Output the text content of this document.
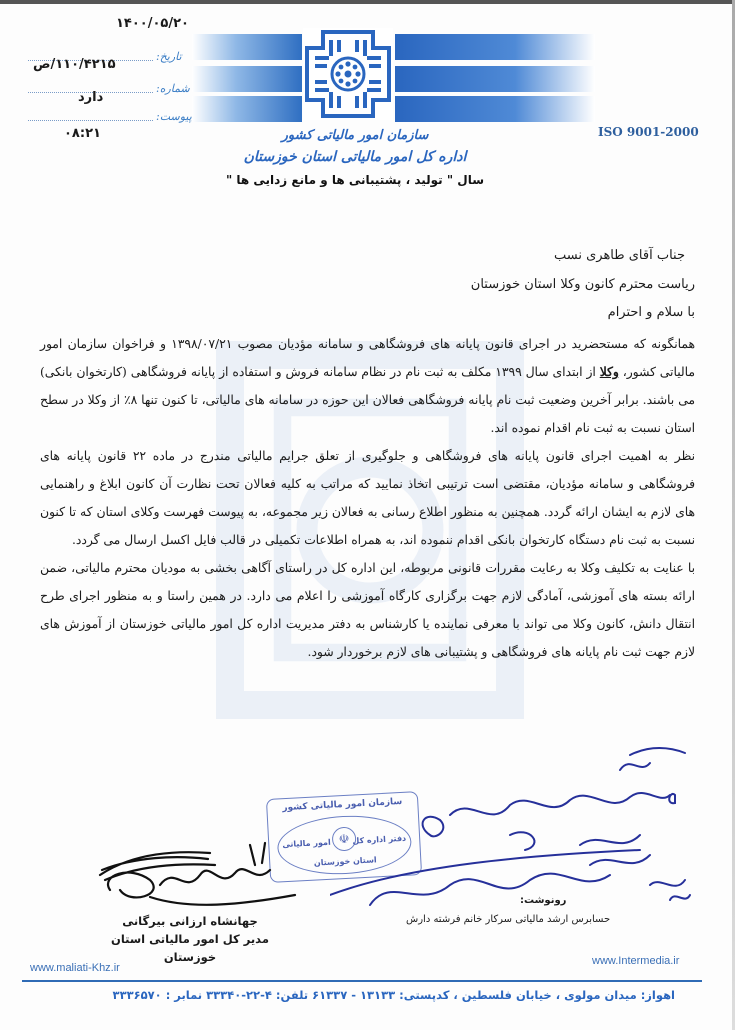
۱۴۰۰/۰۵/۲۰
تاریخ:
۱۱۰/۴۲۱۵/ص
شماره:
دارد
پیوست:
۰۸:۲۱	سازمان امور مالیاتی کشور
اداره کل امور مالیاتی استان خوزستان
سال " تولید ، پشتیبانی ها و مانع زدایی ها "
ISO 9001-2000
جناب آقای طاهری نسب
ریاست محترم کانون وکلا استان خوزستان
با سلام و احترام

همانگونه که مستحضرید در اجرای قانون پایانه های فروشگاهی و سامانه مؤدیان مصوب ۱۳۹۸/۰۷/۲۱ و فراخوان سازمان امور مالیاتی کشور، وکلا از ابتدای سال ۱۳۹۹ مکلف به ثبت نام در نظام سامانه فروش و استفاده از پایانه فروشگاهی (کارتخوان بانکی) می باشند. برابر آخرین وضعیت ثبت نام پایانه فروشگاهی فعالان این حوزه در سامانه های مالیاتی، تا کنون تنها ۸٪ از وکلا در سطح استان نسبت به ثبت نام اقدام نموده اند.

نظر به اهمیت اجرای قانون پایانه های فروشگاهی و جلوگیری از تعلق جرایم مالیاتی مندرج در ماده ۲۲ قانون پایانه های فروشگاهی و سامانه مؤدیان، مقتضی است ترتیبی اتخاذ نمایید که مراتب به کلیه فعالان تحت نظارت آن کانون ابلاغ و راهنمایی های لازم به ایشان ارائه گردد. همچنین به منظور اطلاع رسانی به فعالان زیر مجموعه، به پیوست فهرست وکلای استان که تا کنون نسبت به ثبت نام دستگاه کارتخوان بانکی اقدام ننموده اند، به همراه اطلاعات تکمیلی در قالب فایل اکسل ارسال می گردد.

با عنایت به تکلیف وکلا به رعایت مقررات قانونی مربوطه، این اداره کل در راستای آگاهی بخشی به مودیان محترم مالیاتی، ضمن ارائه بسته های آموزشی، آمادگی لازم جهت برگزاری کارگاه آموزشی را اعلام می دارد. در همین راستا و به منظور اجرای طرح انتقال دانش، کانون وکلا می تواند با معرفی نماینده یا کارشناس به دفتر مدیریت اداره کل امور مالیاتی خوزستان از آموزش های لازم جهت ثبت نام پایانه های فروشگاهی و پشتیبانی های لازم برخوردار شود.

سازمان امور مالیاتی کشور
امور مالیاتی ☫ دفتر اداره کل
استان خوزستان
جهانشاه ارزانی بیرگانی
مدیر کل امور مالیاتی استان خوزستان
رونوشت:
حسابرس ارشد مالیاتی سرکار خانم فرشته دارش
www.maliati-Khz.ir
www.Intermedia.ir
اهواز: میدان مولوی ، خیابان فلسطین ، کدپستی: ۱۳۱۳۳ - ۶۱۳۳۷ تلفن: ۴-۲۲-۳۳۳۴۰ نمابر : ۳۳۳۶۵۷۰
